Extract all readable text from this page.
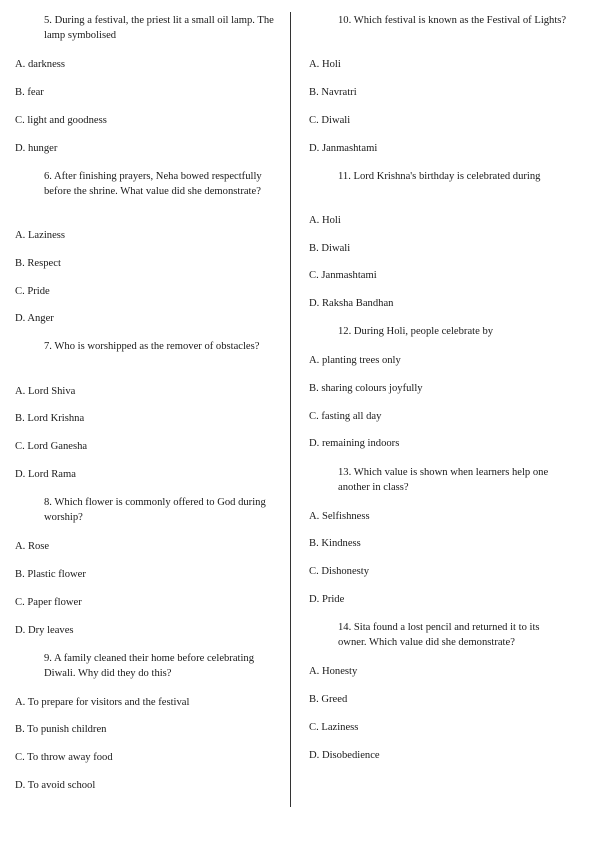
5. During a festival, the priest lit a small oil lamp. The lamp symbolised

A. darkness

B. fear

C. light and goodness

D. hunger

6. After finishing prayers, Neha bowed respectfully before the shrine. What value did she demonstrate?

A. Laziness

B. Respect

C. Pride

D. Anger

7. Who is worshipped as the remover of obstacles?

A. Lord Shiva

B. Lord Krishna

C. Lord Ganesha

D. Lord Rama

8. Which flower is commonly offered to God during worship?

A. Rose

B. Plastic flower

C. Paper flower

D. Dry leaves

9. A family cleaned their home before celebrating Diwali. Why did they do this?

A. To prepare for visitors and the festival

B. To punish children

C. To throw away food

D. To avoid school

10. Which festival is known as the Festival of Lights?

A. Holi

B. Navratri

C. Diwali

D. Janmashtami

11. Lord Krishna's birthday is celebrated during

A. Holi

B. Diwali

C. Janmashtami

D. Raksha Bandhan

12. During Holi, people celebrate by

A. planting trees only

B. sharing colours joyfully

C. fasting all day

D. remaining indoors

13. Which value is shown when learners help one another in class?

A. Selfishness

B. Kindness

C. Dishonesty

D. Pride

14. Sita found a lost pencil and returned it to its owner. Which value did she demonstrate?

A. Honesty

B. Greed

C. Laziness

D. Disobedience
